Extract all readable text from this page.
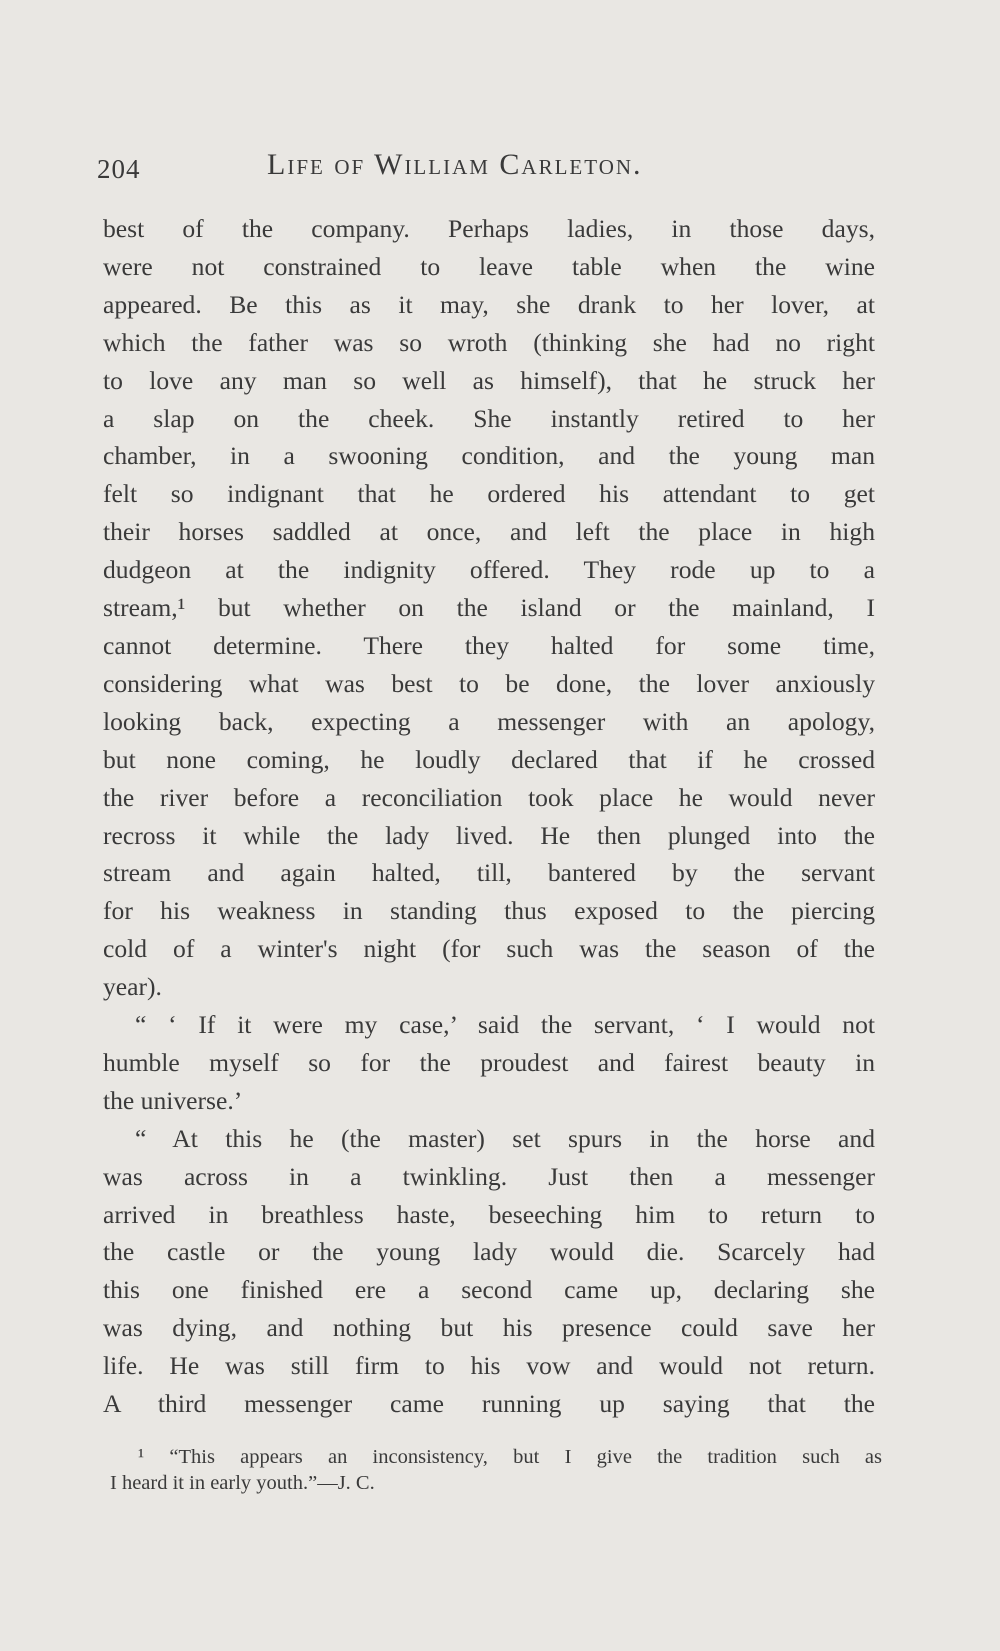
204	Life of William Carleton.

best of the company. Perhaps ladies, in those days,
were not constrained to leave table when the wine
appeared. Be this as it may, she drank to her lover, at
which the father was so wroth (thinking she had no right
to love any man so well as himself), that he struck her
a slap on the cheek. She instantly retired to her
chamber, in a swooning condition, and the young man
felt so indignant that he ordered his attendant to get
their horses saddled at once, and left the place in high
dudgeon at the indignity offered. They rode up to a
stream,¹ but whether on the island or the mainland, I
cannot determine. There they halted for some time,
considering what was best to be done, the lover anxiously
looking back, expecting a messenger with an apology,
but none coming, he loudly declared that if he crossed
the river before a reconciliation took place he would never
recross it while the lady lived. He then plunged into the
stream and again halted, till, bantered by the servant
for his weakness in standing thus exposed to the piercing
cold of a winter's night (for such was the season of the
year).
“ ‘ If it were my case,’ said the servant, ‘ I would not
humble myself so for the proudest and fairest beauty in
the universe.’
“ At this he (the master) set spurs in the horse and
was across in a twinkling. Just then a messenger
arrived in breathless haste, beseeching him to return to
the castle or the young lady would die. Scarcely had
this one finished ere a second came up, declaring she
was dying, and nothing but his presence could save her
life. He was still firm to his vow and would not return.
A third messenger came running up saying that the

¹ “This appears an inconsistency, but I give the tradition such as
I heard it in early youth.”—J. C.
